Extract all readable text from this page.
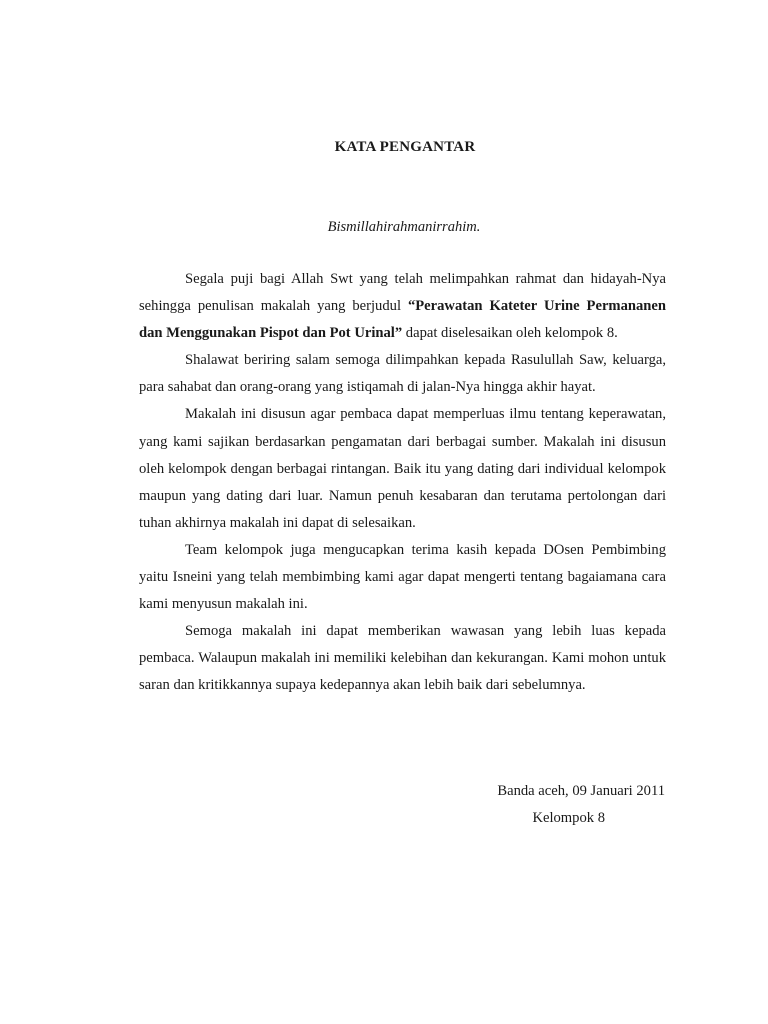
KATA PENGANTAR
Bismillahirahmanirrahim.

Segala puji bagi Allah Swt yang telah melimpahkan rahmat dan hidayah-Nya sehingga penulisan makalah yang berjudul “Perawatan Kateter Urine Permananen dan Menggunakan Pispot dan Pot Urinal” dapat diselesaikan oleh kelompok 8.

Shalawat beriring salam semoga dilimpahkan kepada Rasulullah Saw, keluarga, para sahabat dan orang-orang yang istiqamah di jalan-Nya hingga akhir hayat.

Makalah ini disusun agar pembaca dapat memperluas ilmu tentang keperawatan, yang kami sajikan berdasarkan pengamatan dari berbagai sumber. Makalah ini disusun oleh kelompok dengan berbagai rintangan. Baik itu yang dating dari individual kelompok maupun yang dating dari luar. Namun penuh kesabaran dan terutama pertolongan dari tuhan akhirnya makalah ini dapat di selesaikan.

Team kelompok juga mengucapkan terima kasih kepada DOsen Pembimbing yaitu Isneini yang telah membimbing kami agar dapat mengerti tentang bagaiamana cara kami menyusun makalah ini.

Semoga makalah ini dapat memberikan wawasan yang lebih luas kepada pembaca. Walaupun makalah ini memiliki kelebihan dan kekurangan. Kami mohon untuk saran dan kritikkannya supaya kedepannya akan lebih baik dari sebelumnya.

Banda aceh, 09 Januari 2011
Kelompok 8
